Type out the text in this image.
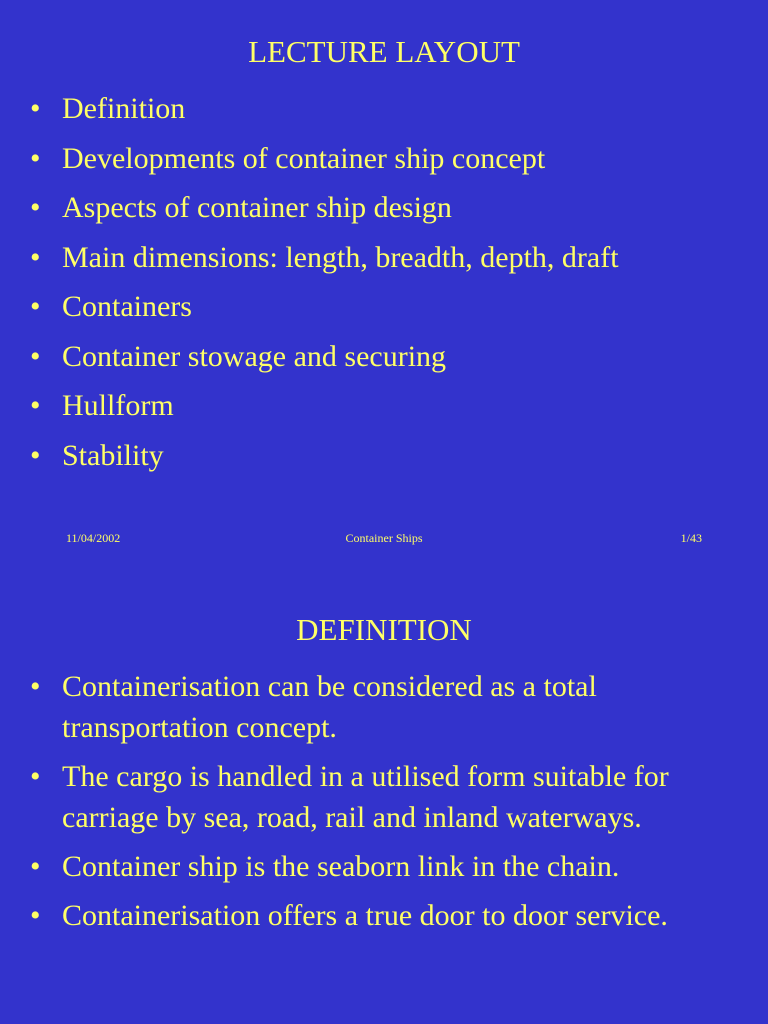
LECTURE LAYOUT
• Definition
• Developments of container ship concept
• Aspects of container ship design
• Main dimensions: length, breadth, depth, draft
• Containers
• Container stowage and securing
• Hullform
• Stability
11/04/2002	Container Ships	1/43
DEFINITION
• Containerisation can be considered as a total transportation concept.
• The cargo is handled in a utilised form suitable for carriage by sea, road, rail and inland waterways.
• Container ship is the seaborn link in the chain.
• Containerisation offers a true door to door service.
